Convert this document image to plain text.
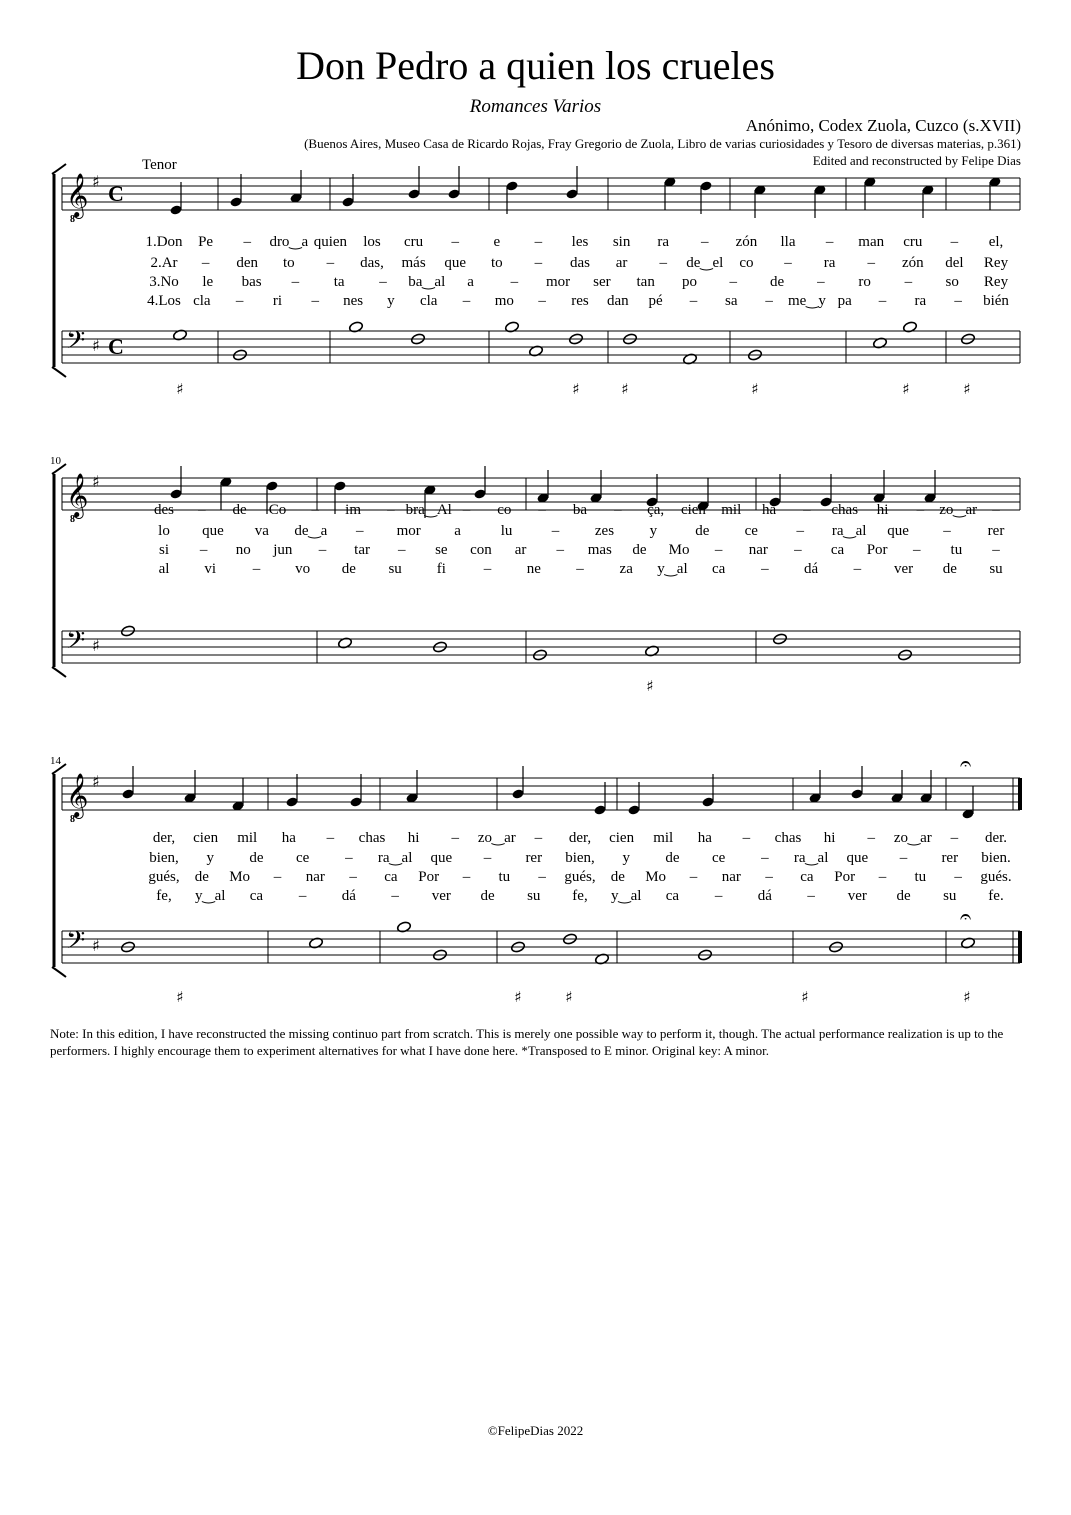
Don Pedro a quien los crueles
Romances Varios
Anónimo, Codex Zuola, Cuzco (s.XVII)
(Buenos Aires, Museo Casa de Ricardo Rojas, Fray Gregorio de Zuola, Libro de varias curiosidades y Tesoro de diversas materias, p.361)
Edited and reconstructed by Felipe Dias
Tenor
𝄞
8
♯ C
𝄢 ♯ C
1.Don Pe – dro‿a quien los cru – e – les sin ra – zón lla – man cru – el,
2.Ar – den to – das, más que to – das ar – de‿el co – ra – zón del Rey
3.No le bas – ta – ba‿al a – mor ser tan po – de – ro – so Rey
4.Los cla – ri – nes y cla – mo – res dan pé – sa – me‿y pa – ra – bién
♯	♯	♯	♯	♯	♯
𝄞
8
♯
𝄢 ♯
10
des – de Co – im – bra‿Al – co – ba – ça, cien mil ha – chas hi – zo‿ar –
lo que va de‿a – mor a	lu	– zes y	de ce	– ra‿al que – rer
si – no jun – tar – se con ar – mas de Mo – nar – ca Por – tu –
al vi – vo de su fi	– ne – za y‿al ca – dá – ver de su
♯
𝄞
8
♯
𝄢 ♯
14	𝄐
𝄐
der, cien mil ha – chas hi – zo‿ar – der, cien mil ha – chas hi – zo‿ar – der.
bien, y de ce – ra‿al que – rer bien, y de ce – ra‿al que – rer bien.
gués, de Mo – nar – ca Por – tu – gués, de Mo – nar – ca Por – tu – gués.
fe, y‿al ca – dá – ver de su fe, y‿al ca – dá – ver de su fe.
♯	♯	♯	♯	♯
Note: In this edition, I have reconstructed the missing continuo part from scratch. This is merely one possible way to perform it, though. The actual performance realization is up to the performers. I highly encourage them to experiment alternatives for what I have done here. *Transposed to E minor. Original key: A minor.
©FelipeDias 2022
